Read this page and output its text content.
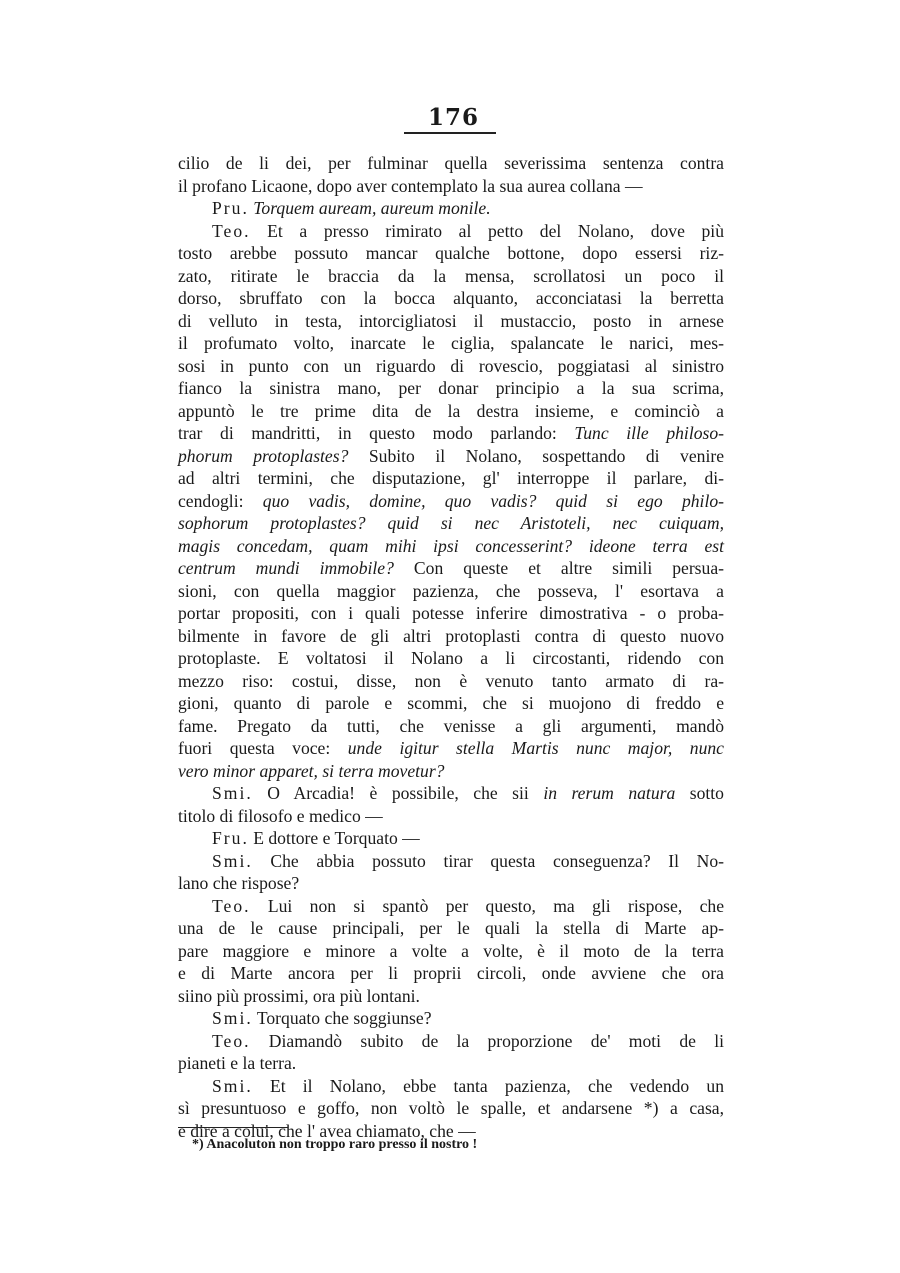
176
cilio de li dei, per fulminar quella severissima sentenza contra
il profano Licaone, dopo aver contemplato la sua aurea collana —
Pru. Torquem auream, aureum monile.
Teo. Et a presso rimirato al petto del Nolano, dove più
tosto arebbe possuto mancar qualche bottone, dopo essersi riz-
zato, ritirate le braccia da la mensa, scrollatosi un poco il
dorso, sbruffato con la bocca alquanto, acconciatasi la berretta
di velluto in testa, intorcigliatosi il mustaccio, posto in arnese
il profumato volto, inarcate le ciglia, spalancate le narici, mes-
sosi in punto con un riguardo di rovescio, poggiatasi al sinistro
fianco la sinistra mano, per donar principio a la sua scrima,
appuntò le tre prime dita de la destra insieme, e cominciò a
trar di mandritti, in questo modo parlando: Tunc ille philoso-
phorum protoplastes? Subito il Nolano, sospettando di venire
ad altri termini, che disputazione, gl' interroppe il parlare, di-
cendogli: quo vadis, domine, quo vadis? quid si ego philo-
sophorum protoplastes? quid si nec Aristoteli, nec cuiquam,
magis concedam, quam mihi ipsi concesserint? ideone terra est
centrum mundi immobile? Con queste et altre simili persua-
sioni, con quella maggior pazienza, che posseva, l' esortava a
portar propositi, con i quali potesse inferire dimostrativa - o proba-
bilmente in favore de gli altri protoplasti contra di questo nuovo
protoplaste. E voltatosi il Nolano a li circostanti, ridendo con
mezzo riso: costui, disse, non è venuto tanto armato di ra-
gioni, quanto di parole e scommi, che si muojono di freddo e
fame. Pregato da tutti, che venisse a gli argumenti, mandò
fuori questa voce: unde igitur stella Martis nunc major, nunc
vero minor apparet, si terra movetur?
Smi. O Arcadia! è possibile, che sii in rerum natura sotto
titolo di filosofo e medico —
Fru. E dottore e Torquato —
Smi. Che abbia possuto tirar questa conseguenza? Il No-
lano che rispose?
Teo. Lui non si spantò per questo, ma gli rispose, che
una de le cause principali, per le quali la stella di Marte ap-
pare maggiore e minore a volte a volte, è il moto de la terra
e di Marte ancora per li proprii circoli, onde avviene che ora
siino più prossimi, ora più lontani.
Smi. Torquato che soggiunse?
Teo. Diamandò subito de la proporzione de' moti de li
pianeti e la terra.
Smi. Et il Nolano, ebbe tanta pazienza, che vedendo un
sì presuntuoso e goffo, non voltò le spalle, et andarsene *) a casa,
e dire a colui, che l' avea chiamato, che —
*) Anacoluton non troppo raro presso il nostro !
